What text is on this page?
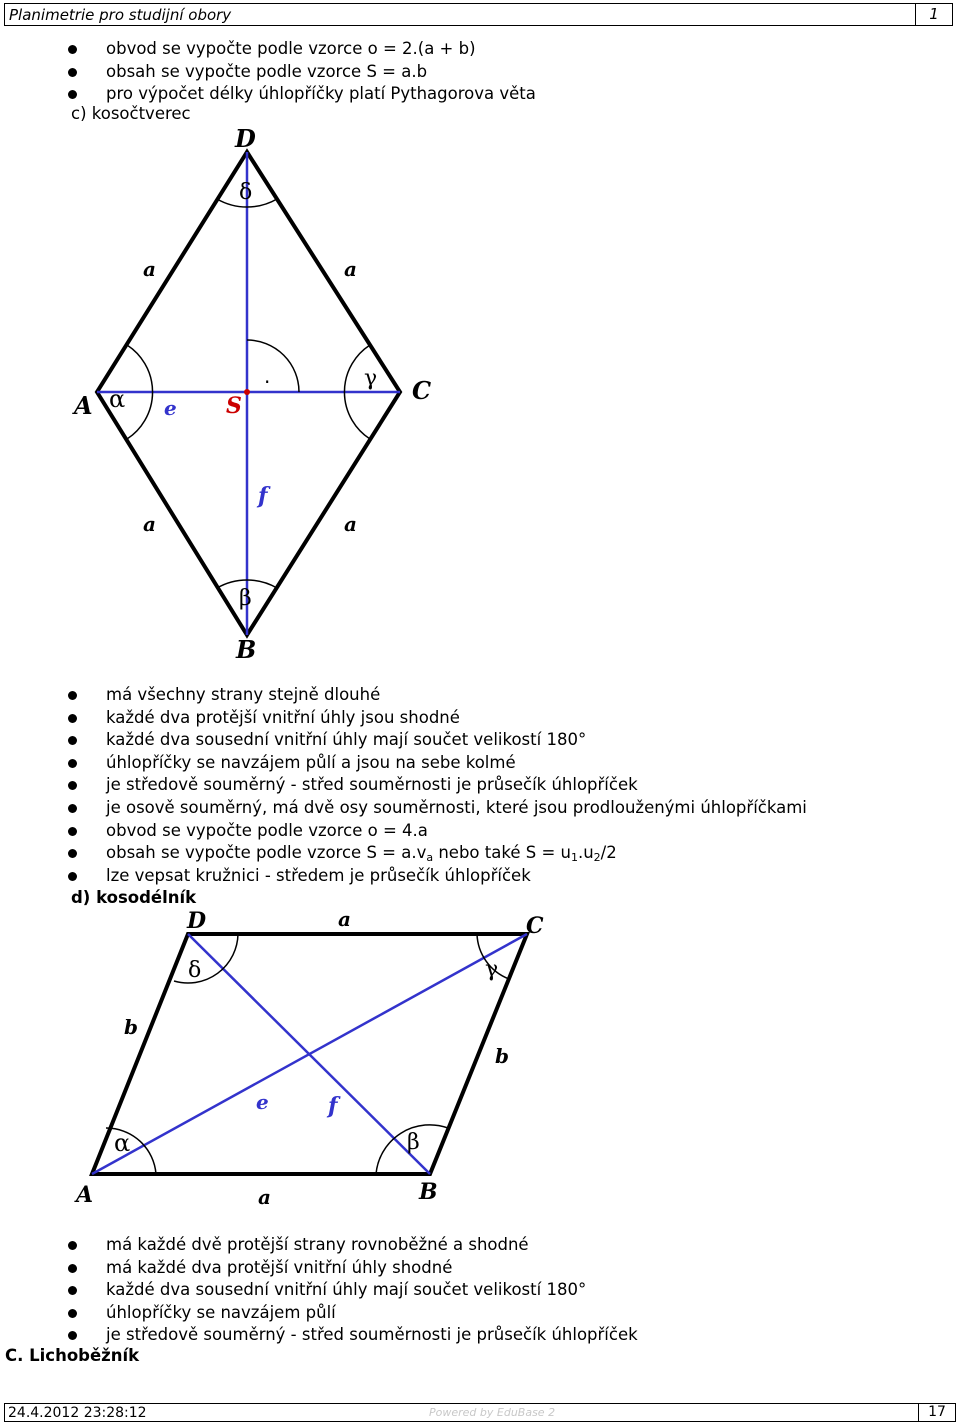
Planimetrie pro studijní obory	1
obvod se vypočte podle vzorce o = 2.(a + b)
obsah se vypočte podle vzorce S = a.b
pro výpočet délky úhlopříčky platí Pythagorova věta
c) kosočtverec
D
B
A
C
S
a	a
a	a
e
f
δ
β
α
γ
.
má všechny strany stejně dlouhé
každé dva protější vnitřní úhly jsou shodné
každé dva sousední vnitřní úhly mají součet velikostí 180°
úhlopříčky se navzájem půlí a jsou na sebe kolmé
je středově souměrný - střed souměrnosti je průsečík úhlopříček
je osově souměrný, má dvě osy souměrnosti, které jsou prodlouženými úhlopříčkami
obvod se vypočte podle vzorce o = 4.a
obsah se vypočte podle vzorce $S = a.v_a$ nebo také $S = u_1.u_2/2$
lze vepsat kružnici - středem je průsečík úhlopříček
d) kosodélník
D	C
A	B
a
a
b
b
e	f
δ	γ
α	β
má každé dvě protější strany rovnoběžné a shodné
má každé dva protější vnitřní úhly shodné
každé dva sousední vnitřní úhly mají součet velikostí 180°
úhlopříčky se navzájem půlí
je středově souměrný - střed souměrnosti je průsečík úhlopříček
C. Lichoběžník
24.4.2012 23:28:12	Powered by EduBase 2	17
